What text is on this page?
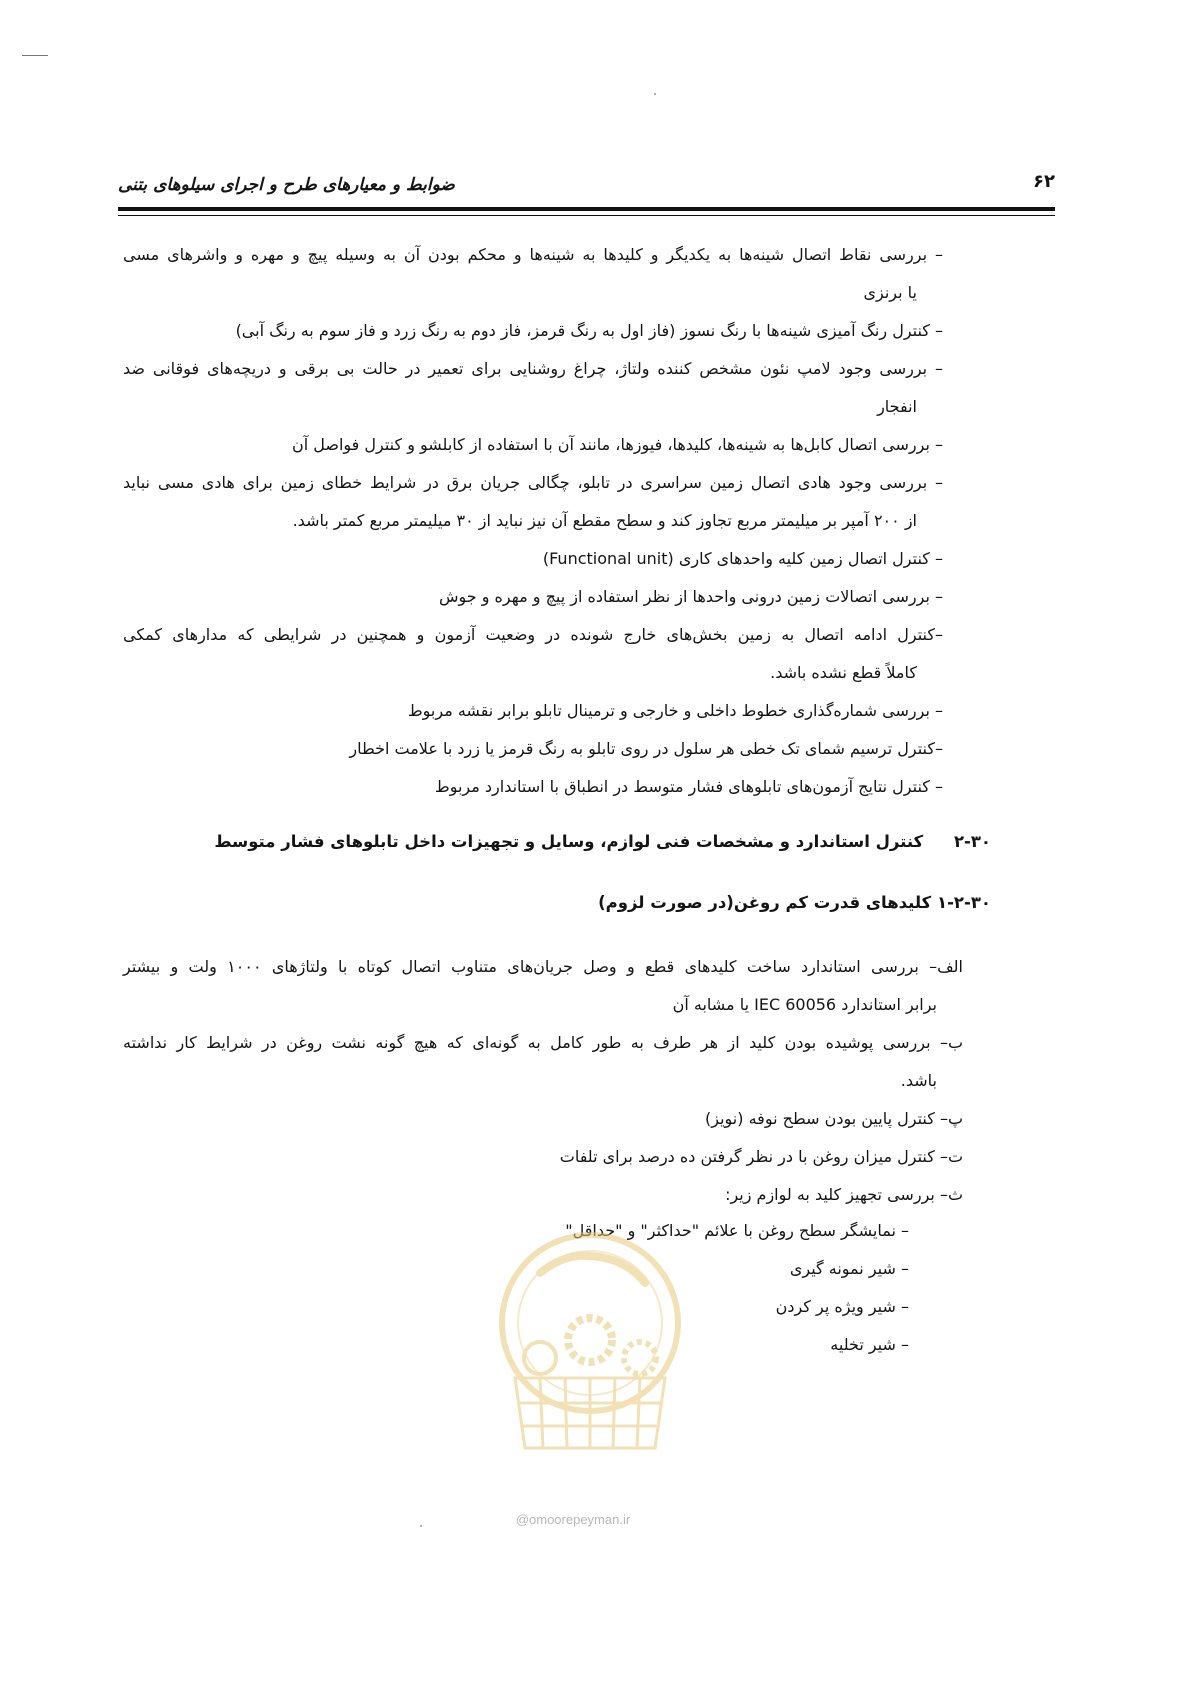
ضوابط و معیارهای طرح و اجرای سیلوهای بتنی	۶۲
– بررسی نقاط اتصال شینه‌ها به یکدیگر و کلیدها به شینه‌ها و محکم بودن آن به وسیله پیچ و مهره و واشرهای مسی
یا برنزی
– کنترل رنگ آمیزی شینه‌ها با رنگ نسوز (فاز اول به رنگ قرمز، فاز دوم به رنگ زرد و فاز سوم به رنگ آبی)
– بررسی وجود لامپ نئون مشخص کننده ولتاژ، چراغ روشنایی برای تعمیر در حالت بی برقی و دریچه‌های فوقانی ضد
انفجار
– بررسی اتصال کابل‌ها به شینه‌ها، کلیدها، فیوزها، مانند آن با استفاده از کابلشو و کنترل فواصل آن
– بررسی وجود هادی اتصال زمین سراسری در تابلو، چگالی جریان برق در شرایط خطای زمین برای هادی مسی نباید
از ۲۰۰ آمپر بر میلیمتر مربع تجاوز کند و سطح مقطع آن نیز نباید از ۳۰ میلیمتر مربع کمتر باشد.
– کنترل اتصال زمین کلیه واحدهای کاری (Functional unit)
– بررسی اتصالات زمین درونی واحدها از نظر استفاده از پیچ و مهره و جوش
–کنترل ادامه اتصال به زمین بخش‌های خارج شونده در وضعیت آزمون و همچنین در شرایطی که مدارهای کمکی
کاملاً قطع نشده باشد.
– بررسی شماره‌گذاری خطوط داخلی و خارجی و ترمینال تابلو برابر نقشه مربوط
–کنترل ترسیم شمای تک خطی هر سلول در روی تابلو به رنگ قرمز یا زرد با علامت اخطار
– کنترل نتایج آزمون‌های تابلوهای فشار متوسط در انطباق با استاندارد مربوط
۲-۳۰ کنترل استاندارد و مشخصات فنی لوازم، وسایل و تجهیزات داخل تابلوهای فشار متوسط
۱-۲-۳۰ کلیدهای قدرت کم روغن(در صورت لزوم)
الف– بررسی استاندارد ساخت کلیدهای قطع و وصل جریان‌های متناوب اتصال کوتاه با ولتاژهای ۱۰۰۰ ولت و بیشتر
برابر استاندارد IEC 60056 یا مشابه آن
ب– بررسی پوشیده بودن کلید از هر طرف به طور کامل به گونه‌ای که هیچ گونه نشت روغن در شرایط کار نداشته
باشد.
پ– کنترل پایین بودن سطح نوفه (نویز)
ت– کنترل میزان روغن با در نظر گرفتن ده درصد برای تلفات
ث– بررسی تجهیز کلید به لوازم زیر:
– نمایشگر سطح روغن با علائم "حداکثر" و "حداقل"
– شیر نمونه گیری
– شیر ویژه پر کردن
– شیر تخلیه
@omoorepeyman.ir
